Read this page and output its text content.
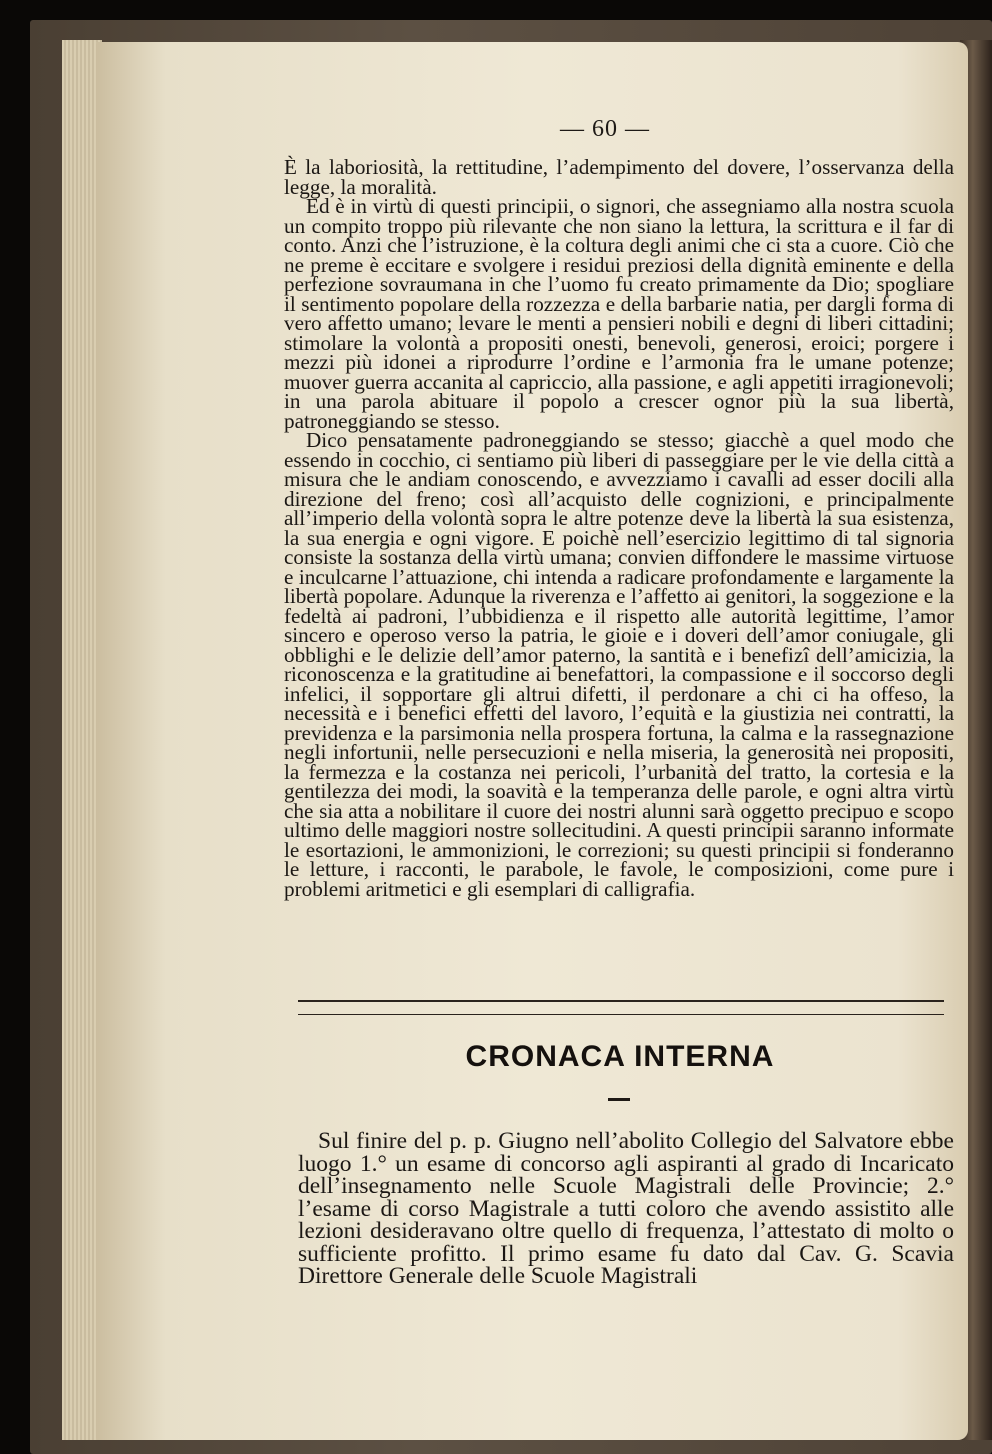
— 60 —

È la laboriosità, la rettitudine, l’adempimento del dovere, l’osservanza della legge, la moralità.

Ed è in virtù di questi principii, o signori, che assegniamo alla nostra scuola un compito troppo più rilevante che non siano la lettura, la scrittura e il far di conto. Anzi che l’istruzione, è la coltura degli animi che ci sta a cuore. Ciò che ne preme è eccitare e svolgere i residui preziosi della dignità eminente e della perfezione sovraumana in che l’uomo fu creato primamente da Dio; spogliare il sentimento popolare della rozzezza e della barbarie natia, per dargli forma di vero affetto umano; levare le menti a pensieri nobili e degni di liberi cittadini; stimolare la volontà a propositi onesti, benevoli, generosi, eroici; porgere i mezzi più idonei a riprodurre l’ordine e l’armonia fra le umane potenze; muover guerra accanita al capriccio, alla passione, e agli appetiti irragionevoli; in una parola abituare il popolo a crescer ognor più la sua libertà, patroneggiando se stesso.

Dico pensatamente padroneggiando se stesso; giacchè a quel modo che essendo in cocchio, ci sentiamo più liberi di passeggiare per le vie della città a misura che le andiam conoscendo, e avvezziamo i cavalli ad esser docili alla direzione del freno; così all’acquisto delle cognizioni, e principalmente all’imperio della volontà sopra le altre potenze deve la libertà la sua esistenza, la sua energia e ogni vigore. E poichè nell’esercizio legittimo di tal signoria consiste la sostanza della virtù umana; convien diffondere le massime virtuose e inculcarne l’attuazione, chi intenda a radicare profondamente e largamente la libertà popolare. Adunque la riverenza e l’affetto ai genitori, la soggezione e la fedeltà ai padroni, l’ubbidienza e il rispetto alle autorità legittime, l’amor sincero e operoso verso la patria, le gioie e i doveri dell’amor coniugale, gli obblighi e le delizie dell’amor paterno, la santità e i benefizî dell’amicizia, la riconoscenza e la gratitudine ai benefattori, la compassione e il soccorso degli infelici, il sopportare gli altrui difetti, il perdonare a chi ci ha offeso, la necessità e i benefici effetti del lavoro, l’equità e la giustizia nei contratti, la previdenza e la parsimonia nella prospera fortuna, la calma e la rassegnazione negli infortunii, nelle persecuzioni e nella miseria, la generosità nei propositi, la fermezza e la costanza nei pericoli, l’urbanità del tratto, la cortesia e la gentilezza dei modi, la soavità e la temperanza delle parole, e ogni altra virtù che sia atta a nobilitare il cuore dei nostri alunni sarà oggetto precipuo e scopo ultimo delle maggiori nostre sollecitudini. A questi principii saranno informate le esortazioni, le ammonizioni, le correzioni; su questi principii si fonderanno le letture, i racconti, le parabole, le favole, le composizioni, come pure i problemi aritmetici e gli esemplari di calligrafia.

CRONACA INTERNA

Sul finire del p. p. Giugno nell’abolito Collegio del Salvatore ebbe luogo 1.° un esame di concorso agli aspiranti al grado di Incaricato dell’insegnamento nelle Scuole Magistrali delle Provincie; 2.° l’esame di corso Magistrale a tutti coloro che avendo assistito alle lezioni desideravano oltre quello di frequenza, l’attestato di molto o sufficiente profitto. Il primo esame fu dato dal Cav. G. Scavia Direttore Generale delle Scuole Magistrali
